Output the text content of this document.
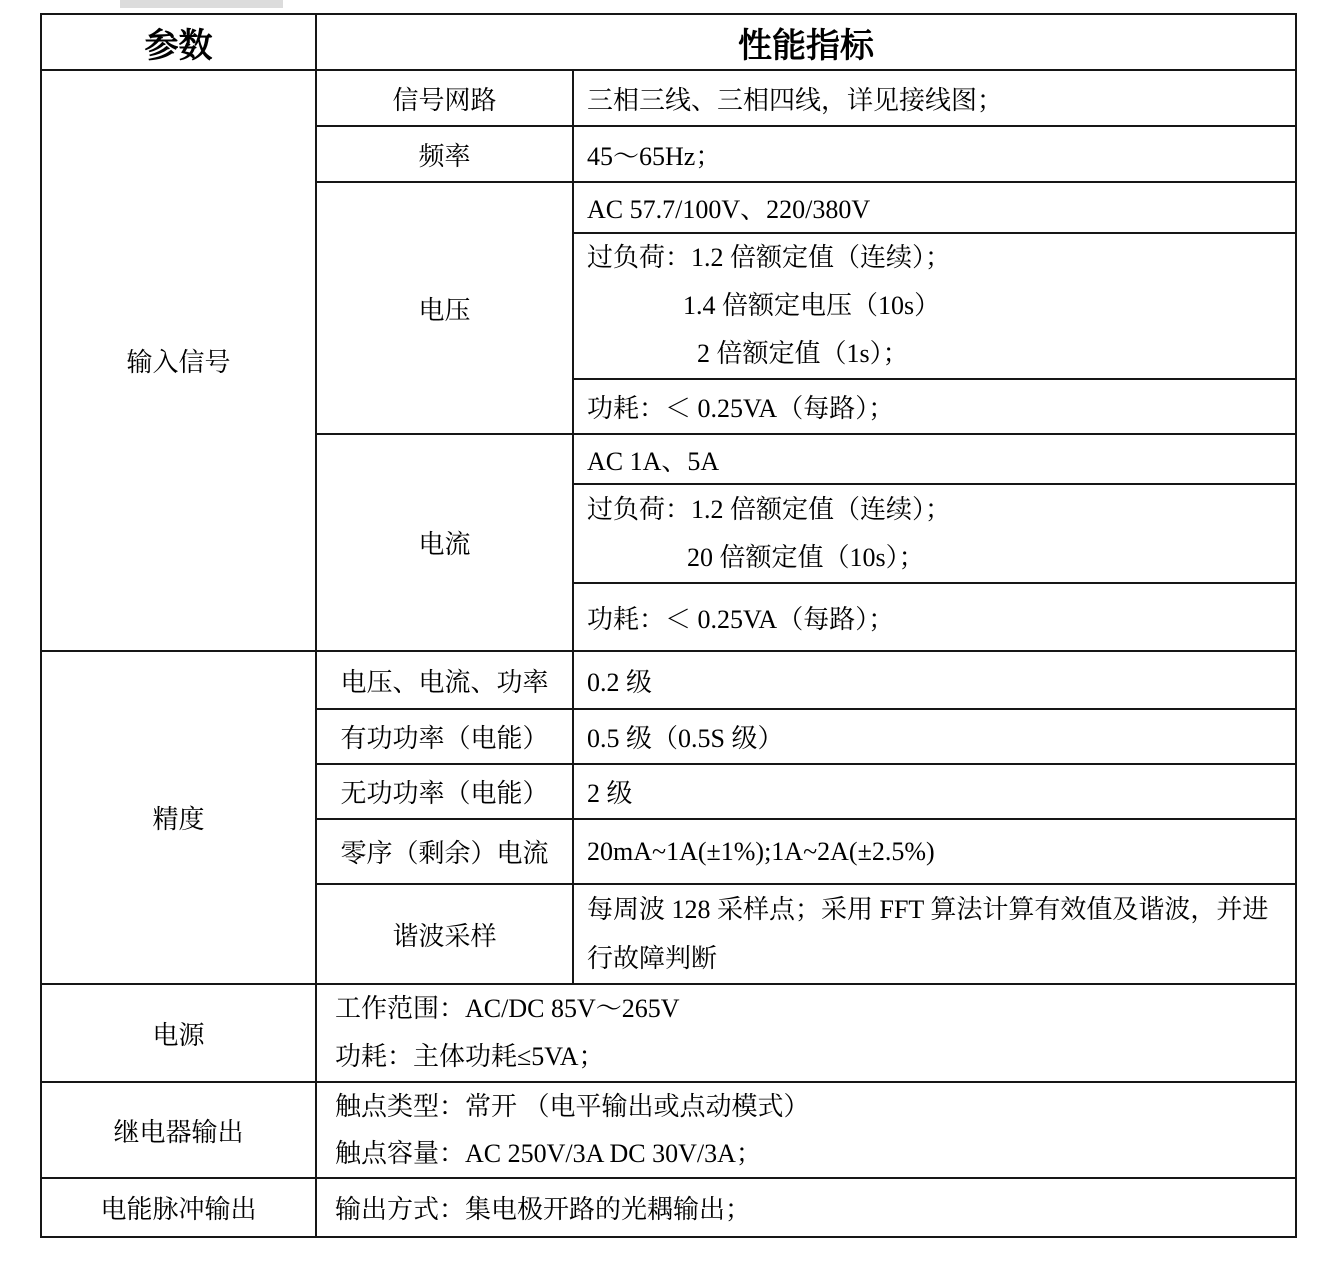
参数	性能指标	
输入信号	信号网路	三相三线、三相四线，详见接线图；
	频率	45～65Hz；
	电压	AC 57.7/100V、220/380V

		过负荷：1.2 倍额定值（连续）；
1.4 倍额定电压（10s）
2 倍额定值（1s）；

		功耗：＜ 0.25VA（每路）；
	电流	AC 1A、5A

		过负荷：1.2 倍额定值（连续）；
20 倍额定值（10s）；

		功耗：＜ 0.25VA（每路）；
精度	电压、电流、功率	0.2 级
	有功功率（电能）	0.5 级（0.5S 级）
	无功功率（电能）	2 级
	零序（剩余）电流	20mA~1A(±1%);1A~2A(±2.5%)
	谐波采样	每周波 128 采样点；采用 FFT 算法计算有效值及谐波，并进行故障判断
电源	工作范围：AC/DC 85V～265V
功耗：主体功耗≤5VA；	

继电器输出	触点类型：常开 （电平输出或点动模式）
触点容量：AC 250V/3A DC 30V/3A；	

电能脉冲输出	输出方式：集电极开路的光耦输出；	
